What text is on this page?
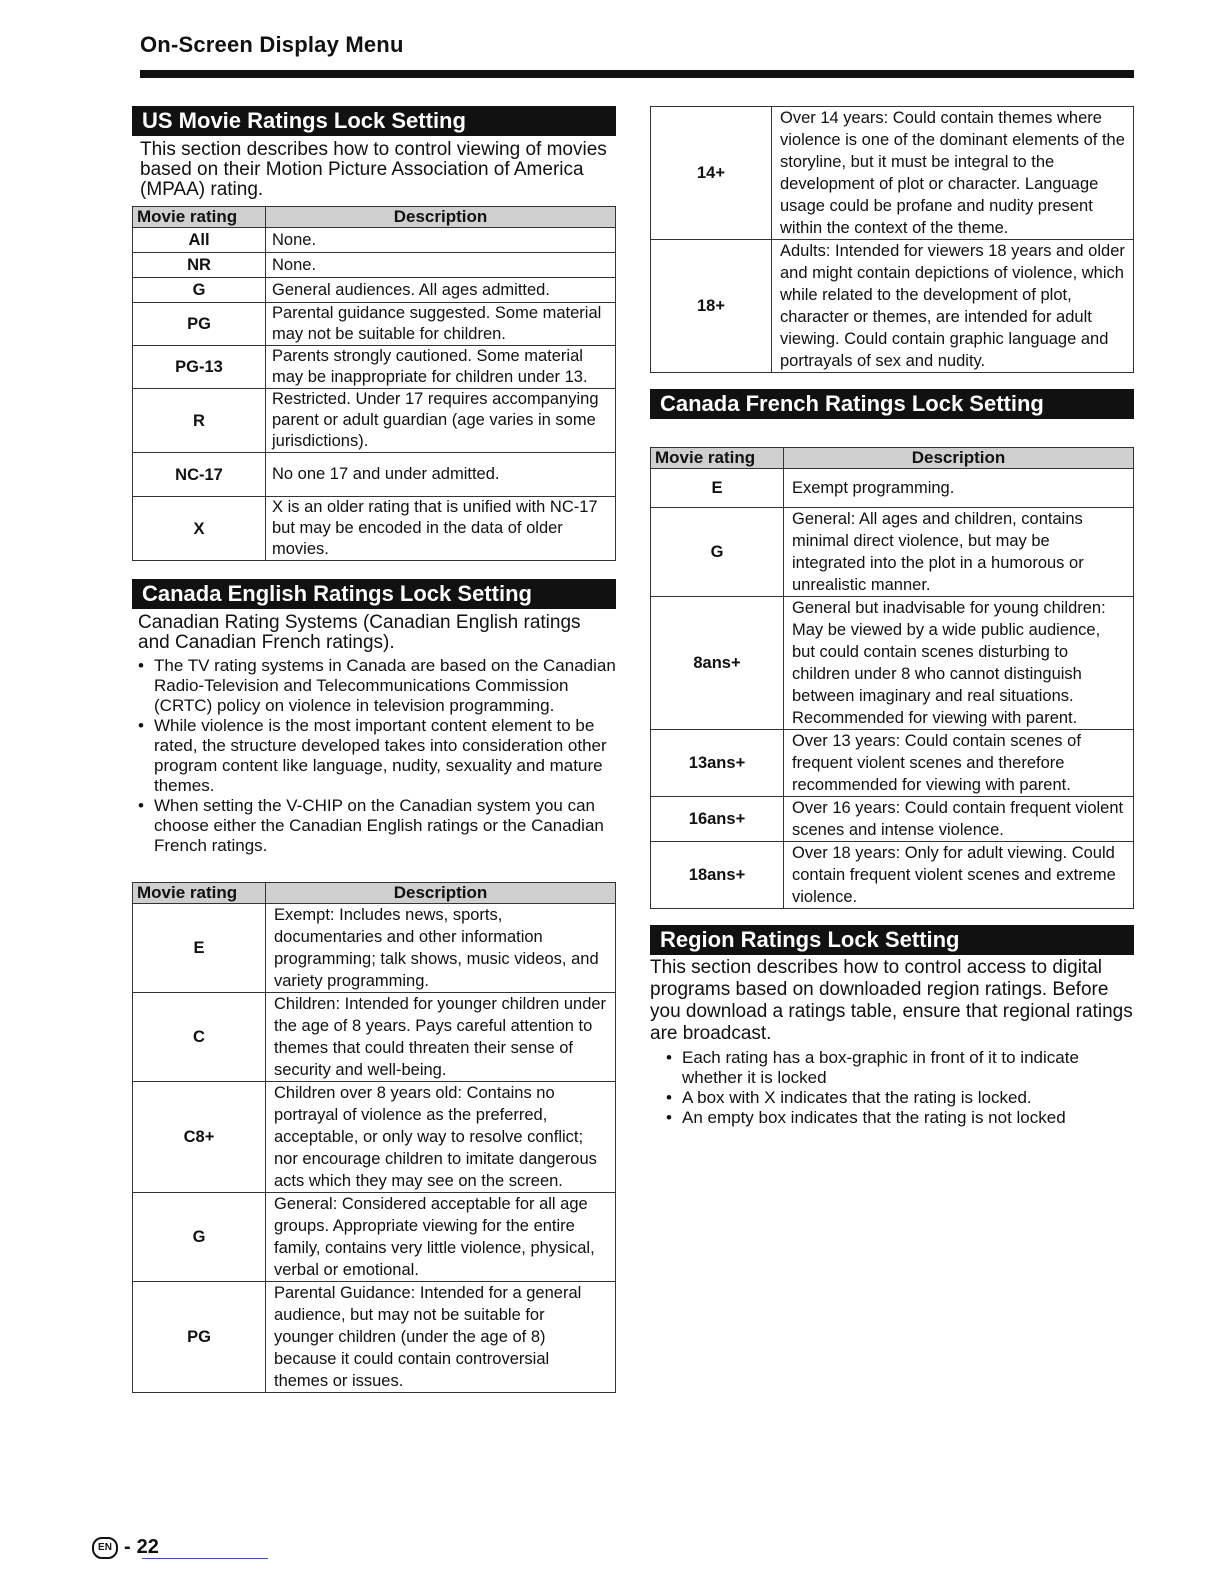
On-Screen Display Menu
US Movie Ratings Lock Setting
This section describes how to control viewing of movies based on their Motion Picture Association of America (MPAA) rating.
Movie rating	Description
All	None.
NR	None.
G	General audiences. All ages admitted.
PG	Parental guidance suggested. Some material may not be suitable for children.
PG-13	Parents strongly cautioned. Some material may be inappropriate for children under 13.
R	Restricted. Under 17 requires accompanying parent or adult guardian (age varies in some jurisdictions).
NC-17	No one 17 and under admitted.
X	X is an older rating that is unified with NC-17 but may be encoded in the data of older movies.
Canada English Ratings Lock Setting
Canadian Rating Systems (Canadian English ratings and Canadian French ratings).
• The TV rating systems in Canada are based on the Canadian Radio-Television and Telecommunications Commission (CRTC) policy on violence in television programming.
• While violence is the most important content element to be rated, the structure developed takes into consideration other program content like language, nudity, sexuality and mature themes.
• When setting the V-CHIP on the Canadian system you can choose either the Canadian English ratings or the Canadian French ratings.
Movie rating	Description
E	Exempt: Includes news, sports, documentaries and other information programming; talk shows, music videos, and variety programming.
C	Children: Intended for younger children under the age of 8 years. Pays careful attention to themes that could threaten their sense of security and well-being.
C8+	Children over 8 years old: Contains no portrayal of violence as the preferred, acceptable, or only way to resolve conflict; nor encourage children to imitate dangerous acts which they may see on the screen.
G	General: Considered acceptable for all age groups. Appropriate viewing for the entire family, contains very little violence, physical, verbal or emotional.
PG	Parental Guidance: Intended for a general audience, but may not be suitable for younger children (under the age of 8) because it could contain controversial themes or issues.
14+	Over 14 years: Could contain themes where violence is one of the dominant elements of the storyline, but it must be integral to the development of plot or character. Language usage could be profane and nudity present within the context of the theme.
18+	Adults: Intended for viewers 18 years and older and might contain depictions of violence, which while related to the development of plot, character or themes, are intended for adult viewing. Could contain graphic language and portrayals of sex and nudity.
Canada French Ratings Lock Setting
Movie rating	Description
E	Exempt programming.
G	General: All ages and children, contains minimal direct violence, but may be integrated into the plot in a humorous or unrealistic manner.
8ans+	General but inadvisable for young children: May be viewed by a wide public audience, but could contain scenes disturbing to children under 8 who cannot distinguish between imaginary and real situations. Recommended for viewing with parent.
13ans+	Over 13 years: Could contain scenes of frequent violent scenes and therefore recommended for viewing with parent.
16ans+	Over 16 years: Could contain frequent violent scenes and intense violence.
18ans+	Over 18 years: Only for adult viewing. Could contain frequent violent scenes and extreme violence.
Region Ratings Lock Setting
This section describes how to control access to digital programs based on downloaded region ratings. Before you download a ratings table, ensure that regional ratings are broadcast.
• Each rating has a box-graphic in front of it to indicate whether it is locked
• A box with X indicates that the rating is locked.
• An empty box indicates that the rating is not locked
EN - 22
